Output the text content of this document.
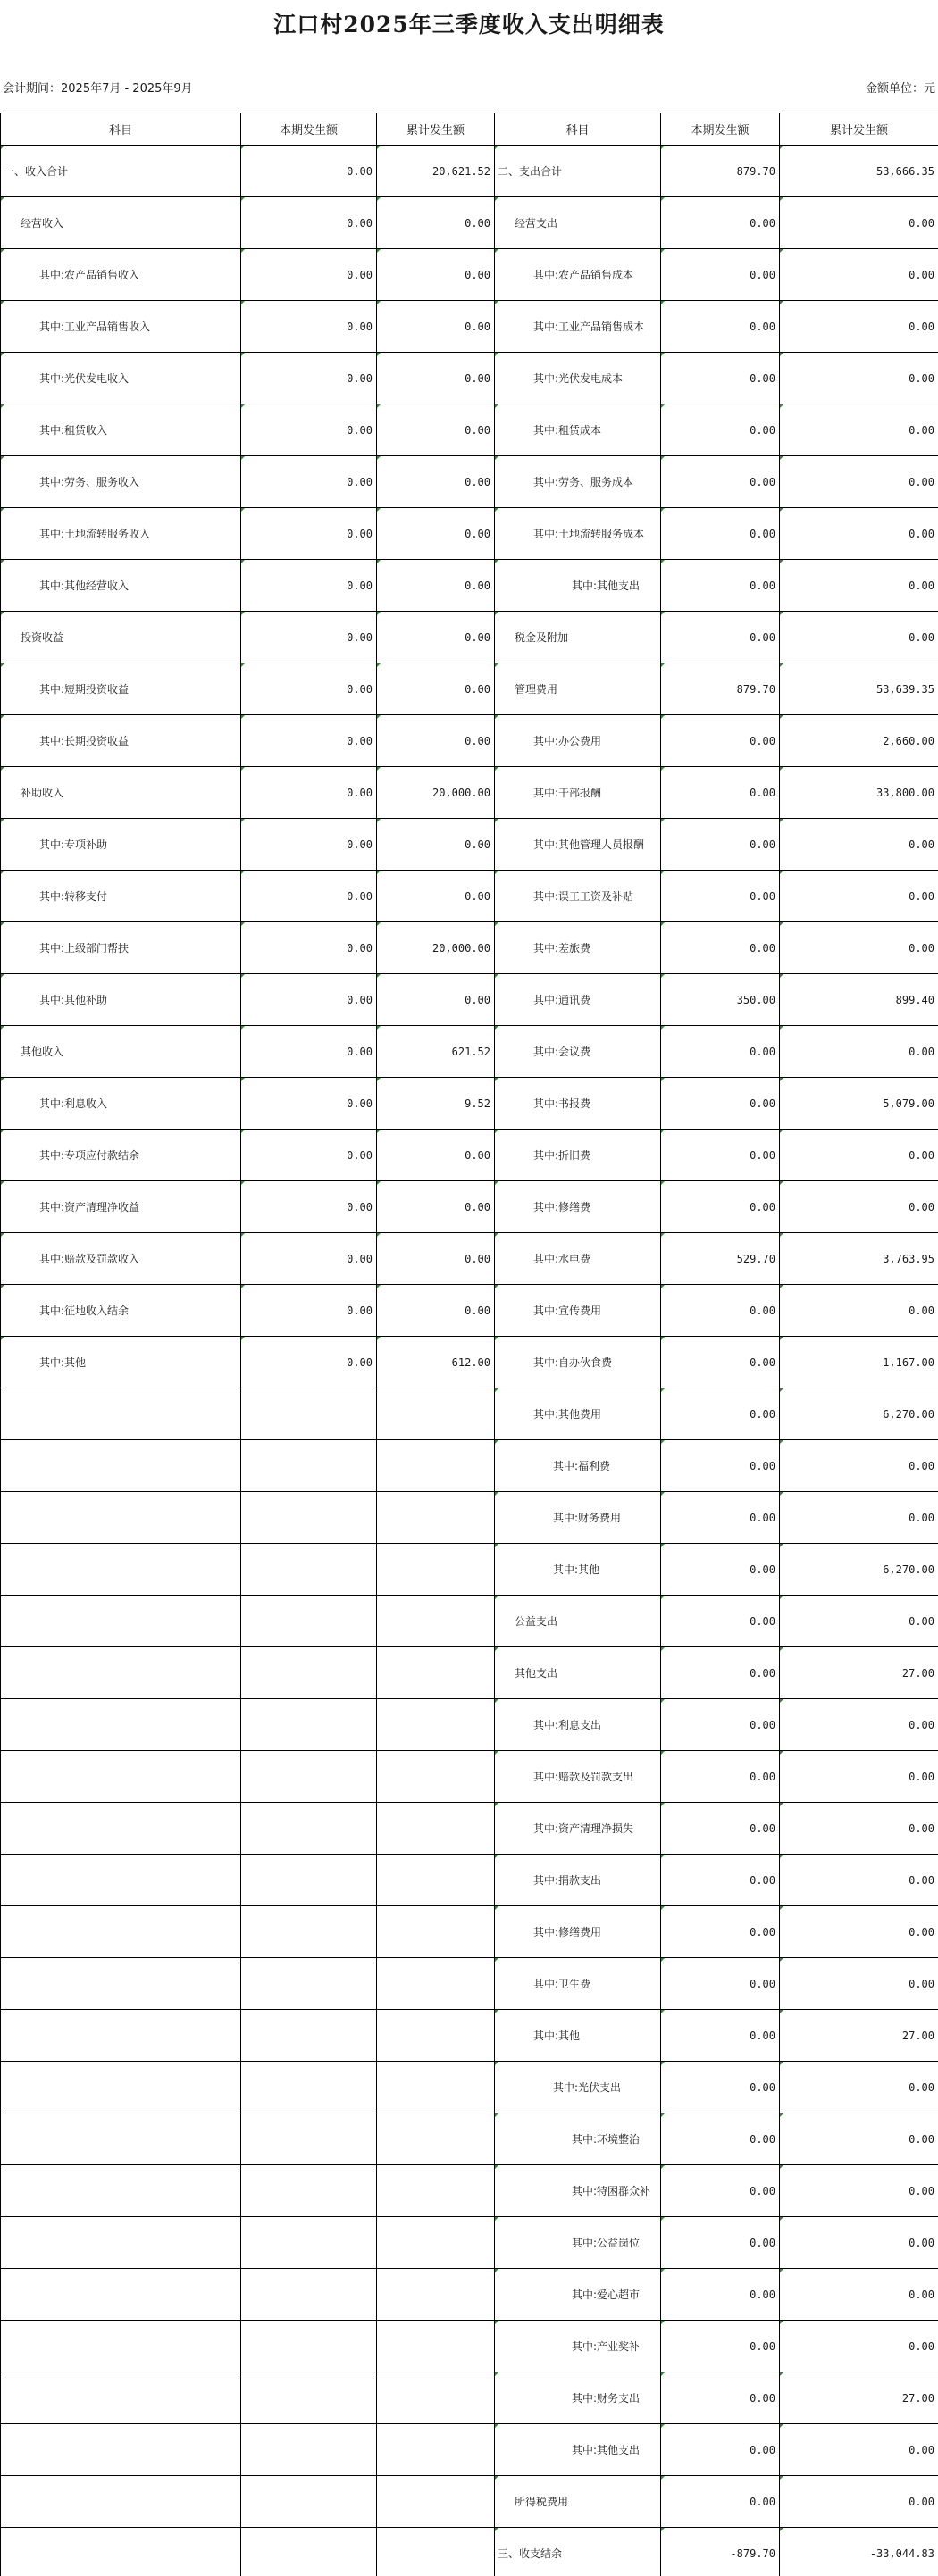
江口村2025年三季度收入支出明细表
会计期间：2025年7月 - 2025年9月	金额单位：元
科目	本期发生额	累计发生额	科目	本期发生额	累计发生额
一、收入合计	0.00	20,621.52	二、支出合计	879.70	53,666.35
经营收入	0.00	0.00	经营支出	0.00	0.00
其中:农产品销售收入	0.00	0.00	其中:农产品销售成本	0.00	0.00
其中:工业产品销售收入	0.00	0.00	其中:工业产品销售成本	0.00	0.00
其中:光伏发电收入	0.00	0.00	其中:光伏发电成本	0.00	0.00
其中:租赁收入	0.00	0.00	其中:租赁成本	0.00	0.00
其中:劳务、服务收入	0.00	0.00	其中:劳务、服务成本	0.00	0.00
其中:土地流转服务收入	0.00	0.00	其中:土地流转服务成本	0.00	0.00
其中:其他经营收入	0.00	0.00	其中:其他支出	0.00	0.00
投资收益	0.00	0.00	税金及附加	0.00	0.00
其中:短期投资收益	0.00	0.00	管理费用	879.70	53,639.35
其中:长期投资收益	0.00	0.00	其中:办公费用	0.00	2,660.00
补助收入	0.00	20,000.00	其中:干部报酬	0.00	33,800.00
其中:专项补助	0.00	0.00	其中:其他管理人员报酬	0.00	0.00
其中:转移支付	0.00	0.00	其中:误工工资及补贴	0.00	0.00
其中:上级部门帮扶	0.00	20,000.00	其中:差旅费	0.00	0.00
其中:其他补助	0.00	0.00	其中:通讯费	350.00	899.40
其他收入	0.00	621.52	其中:会议费	0.00	0.00
其中:利息收入	0.00	9.52	其中:书报费	0.00	5,079.00
其中:专项应付款结余	0.00	0.00	其中:折旧费	0.00	0.00
其中:资产清理净收益	0.00	0.00	其中:修缮费	0.00	0.00
其中:赔款及罚款收入	0.00	0.00	其中:水电费	529.70	3,763.95
其中:征地收入结余	0.00	0.00	其中:宣传费用	0.00	0.00
其中:其他	0.00	612.00	其中:自办伙食费	0.00	1,167.00
			其中:其他费用	0.00	6,270.00
			其中:福利费	0.00	0.00
			其中:财务费用	0.00	0.00
			其中:其他	0.00	6,270.00
			公益支出	0.00	0.00
			其他支出	0.00	27.00
			其中:利息支出	0.00	0.00
			其中:赔款及罚款支出	0.00	0.00
			其中:资产清理净损失	0.00	0.00
			其中:捐款支出	0.00	0.00
			其中:修缮费用	0.00	0.00
			其中:卫生费	0.00	0.00
			其中:其他	0.00	27.00
			其中:光伏支出	0.00	0.00
			其中:环境整治	0.00	0.00
			其中:特困群众补	0.00	0.00
			其中:公益岗位	0.00	0.00
			其中:爱心超市	0.00	0.00
			其中:产业奖补	0.00	0.00
			其中:财务支出	0.00	27.00
			其中:其他支出	0.00	0.00
			所得税费用	0.00	0.00
			三、收支结余	-879.70	-33,044.83
